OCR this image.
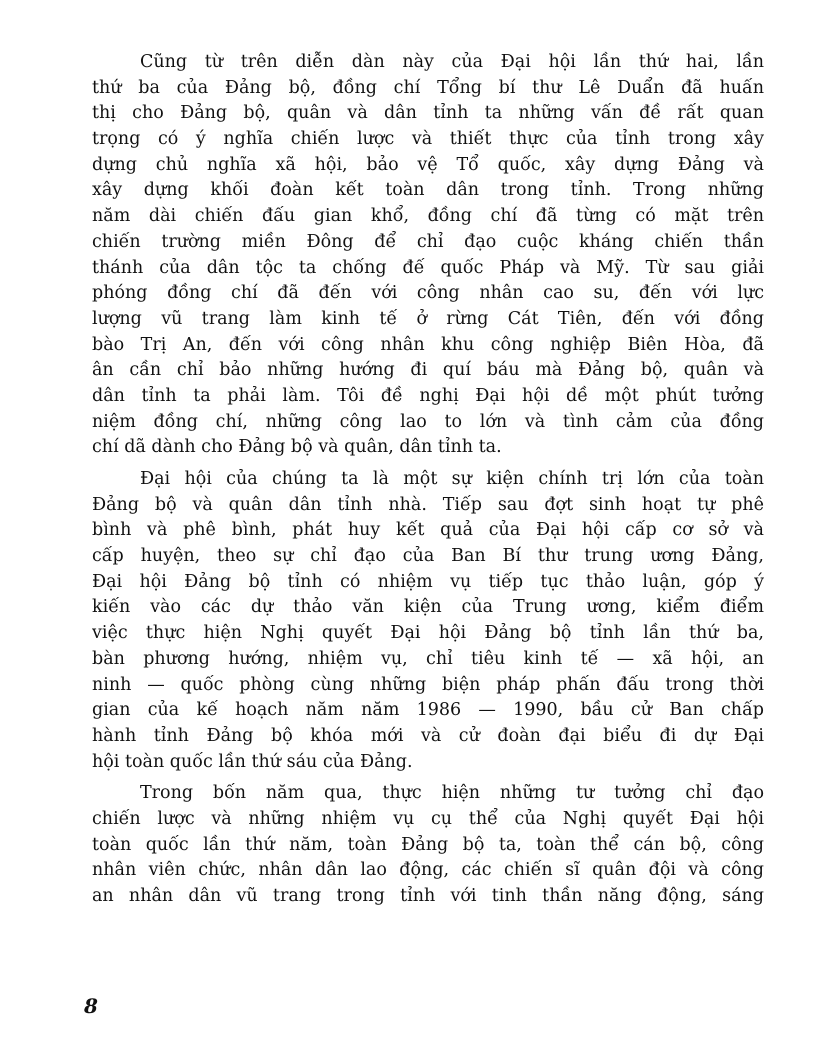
Cũng từ trên diễn dàn này của Đại hội lần thứ hai, lần
thứ ba của Đảng bộ, đồng chí Tổng bí thư Lê Duẩn đã huấn
thị cho Đảng bộ, quân và dân tỉnh ta những vấn đề rất quan
trọng có ý nghĩa chiến lược và thiết thực của tỉnh trong xây
dựng chủ nghĩa xã hội, bảo vệ Tổ quốc, xây dựng Đảng và
xây dựng khối đoàn kết toàn dân trong tỉnh. Trong những
năm dài chiến đấu gian khổ, đồng chí đã từng có mặt trên
chiến trường miền Đông để chỉ đạo cuộc kháng chiến thần
thánh của dân tộc ta chống đế quốc Pháp và Mỹ. Từ sau giải
phóng đồng chí đã đến với công nhân cao su, đến với lực
lượng vũ trang làm kinh tế ở rừng Cát Tiên, đến với đồng
bào Trị An, đến với công nhân khu công nghiệp Biên Hòa, đã
ân cần chỉ bảo những hướng đi quí báu mà Đảng bộ, quân và
dân tỉnh ta phải làm. Tôi đề nghị Đại hội dề một phút tưởng
niệm đồng chí, những công lao to lớn và tình cảm của đồng
chí dã dành cho Đảng bộ và quân, dân tỉnh ta.
Đại hội của chúng ta là một sự kiện chính trị lớn của toàn
Đảng bộ và quân dân tỉnh nhà. Tiếp sau đợt sinh hoạt tự phê
bình và phê bình, phát huy kết quả của Đại hội cấp cơ sở và
cấp huyện, theo sự chỉ đạo của Ban Bí thư trung ương Đảng,
Đại hội Đảng bộ tỉnh có nhiệm vụ tiếp tục thảo luận, góp ý
kiến vào các dự thảo văn kiện của Trung ương, kiểm điểm
việc thực hiện Nghị quyết Đại hội Đảng bộ tỉnh lần thứ ba,
bàn phương hướng, nhiệm vụ, chỉ tiêu kinh tế — xã hội, an
ninh — quốc phòng cùng những biện pháp phấn đấu trong thời
gian của kế hoạch năm năm 1986 — 1990, bầu cử Ban chấp
hành tỉnh Đảng bộ khóa mới và cử đoàn đại biểu đi dự Đại
hội toàn quốc lần thứ sáu của Đảng.
Trong bốn năm qua, thực hiện những tư tưởng chỉ đạo
chiến lược và những nhiệm vụ cụ thể của Nghị quyết Đại hội
toàn quốc lần thứ năm, toàn Đảng bộ ta, toàn thể cán bộ, công
nhân viên chức, nhân dân lao động, các chiến sĩ quân đội và công
an nhân dân vũ trang trong tỉnh với tinh thần năng động, sáng
8
